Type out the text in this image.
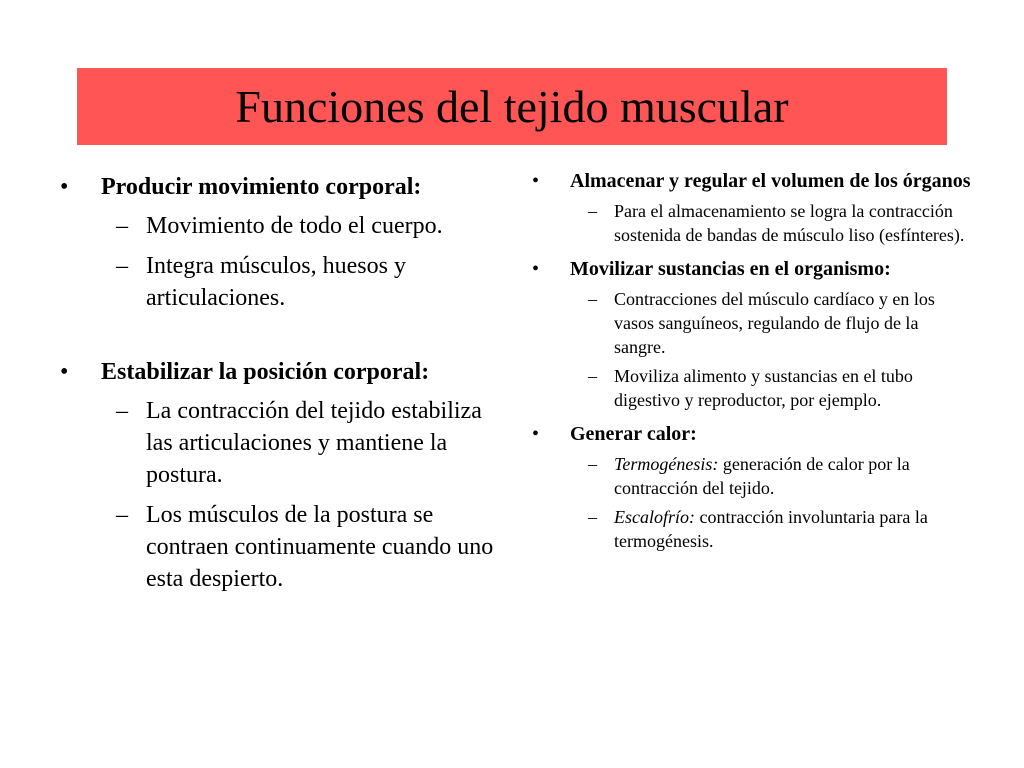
Funciones del tejido muscular
• Producir movimiento corporal:
– Movimiento de todo el cuerpo.
– Integra músculos, huesos y articulaciones.
• Estabilizar la posición corporal:
– La contracción del tejido estabiliza las articulaciones y mantiene la postura.
– Los músculos de la postura se contraen continuamente cuando uno esta despierto.
• Almacenar y regular el volumen de los órganos
– Para el almacenamiento se logra la contracción sostenida de bandas de músculo liso (esfínteres).
• Movilizar sustancias en el organismo:
– Contracciones del músculo cardíaco y en los vasos sanguíneos, regulando de flujo de la sangre.
– Moviliza alimento y sustancias en el tubo digestivo y reproductor, por ejemplo.
• Generar calor:
– Termogénesis: generación de calor por la contracción del tejido.
– Escalofrío: contracción involuntaria para la termogénesis.
